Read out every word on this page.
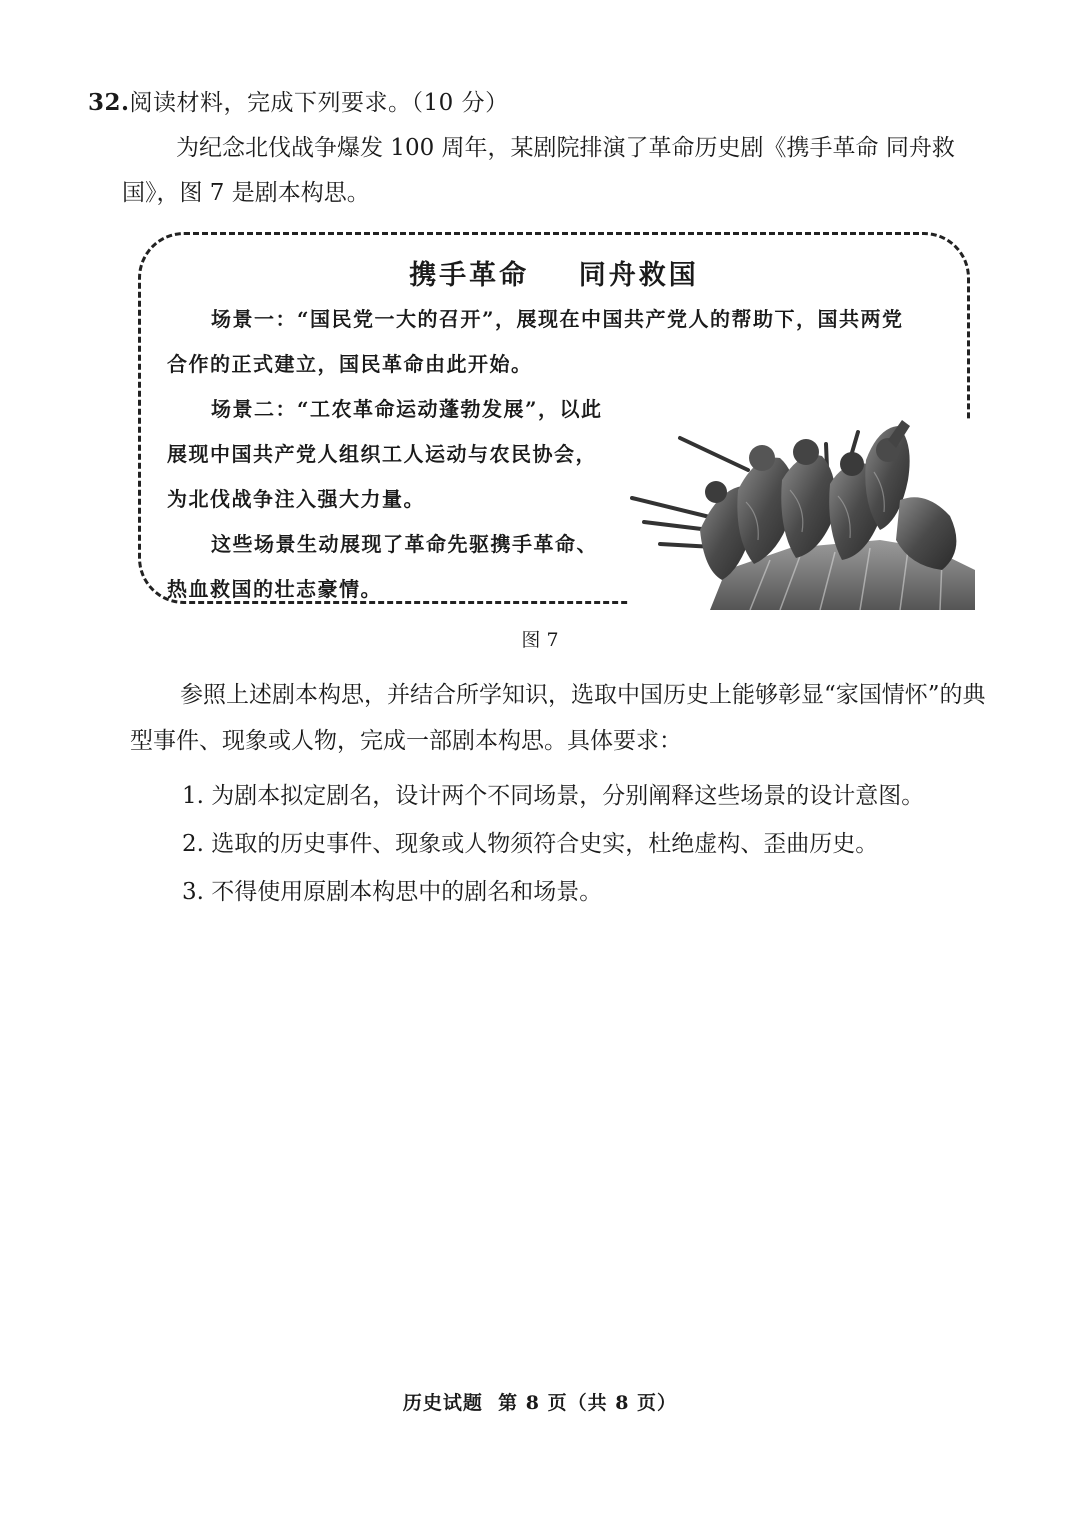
32.阅读材料，完成下列要求。（10 分）

为纪念北伐战争爆发 100 周年，某剧院排演了革命历史剧《携手革命 同舟救国》，图 7 是剧本构思。

携手革命    同舟救国

场景一：“国民党一大的召开”，展现在中国共产党人的帮助下，国共两党合作的正式建立，国民革命由此开始。

场景二：“工农革命运动蓬勃发展”，以此展现中国共产党人组织工人运动与农民协会，为北伐战争注入强大力量。

这些场景生动展现了革命先驱携手革命、热血救国的壮志豪情。

图 7

参照上述剧本构思，并结合所学知识，选取中国历史上能够彰显“家国情怀”的典型事件、现象或人物，完成一部剧本构思。具体要求：

1. 为剧本拟定剧名，设计两个不同场景，分别阐释这些场景的设计意图。
2. 选取的历史事件、现象或人物须符合史实，杜绝虚构、歪曲历史。
3. 不得使用原剧本构思中的剧名和场景。

历史试题  第 8 页（共 8 页）
